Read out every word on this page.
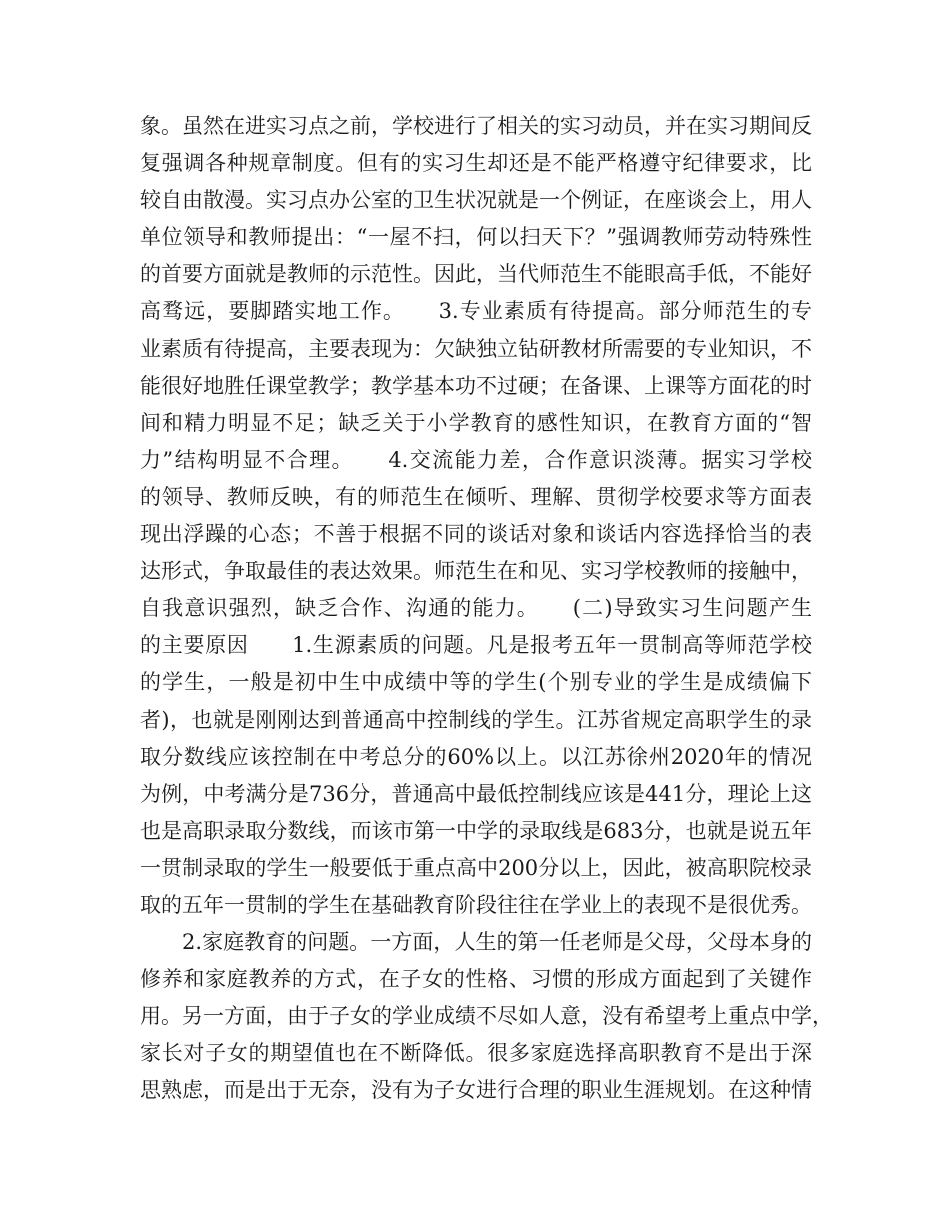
象。虽然在进实习点之前，学校进行了相关的实习动员，并在实习期间反
复强调各种规章制度。但有的实习生却还是不能严格遵守纪律要求，比
较自由散漫。实习点办公室的卫生状况就是一个例证，在座谈会上，用人
单位领导和教师提出：“一屋不扫，何以扫天下？”强调教师劳动特殊性
的首要方面就是教师的示范性。因此，当代师范生不能眼高手低，不能好
高骛远，要脚踏实地工作。　　3.专业素质有待提高。部分师范生的专
业素质有待提高，主要表现为：欠缺独立钻研教材所需要的专业知识，不
能很好地胜任课堂教学；教学基本功不过硬；在备课、上课等方面花的时
间和精力明显不足；缺乏关于小学教育的感性知识，在教育方面的“智
力”结构明显不合理。　　4.交流能力差，合作意识淡薄。据实习学校
的领导、教师反映，有的师范生在倾听、理解、贯彻学校要求等方面表
现出浮躁的心态；不善于根据不同的谈话对象和谈话内容选择恰当的表
达形式，争取最佳的表达效果。师范生在和见、实习学校教师的接触中，
自我意识强烈，缺乏合作、沟通的能力。　　(二)导致实习生问题产生
的主要原因　　1.生源素质的问题。凡是报考五年一贯制高等师范学校
的学生，一般是初中生中成绩中等的学生(个别专业的学生是成绩偏下
者)，也就是刚刚达到普通高中控制线的学生。江苏省规定高职学生的录
取分数线应该控制在中考总分的60%以上。以江苏徐州2020年的情况
为例，中考满分是736分，普通高中最低控制线应该是441分，理论上这
也是高职录取分数线，而该市第一中学的录取线是683分，也就是说五年
一贯制录取的学生一般要低于重点高中200分以上，因此，被高职院校录
取的五年一贯制的学生在基础教育阶段往往在学业上的表现不是很优秀。
2.家庭教育的问题。一方面，人生的第一任老师是父母，父母本身的
修养和家庭教养的方式，在子女的性格、习惯的形成方面起到了关键作
用。另一方面，由于子女的学业成绩不尽如人意，没有希望考上重点中学，
家长对子女的期望值也在不断降低。很多家庭选择高职教育不是出于深
思熟虑，而是出于无奈，没有为子女进行合理的职业生涯规划。在这种情
